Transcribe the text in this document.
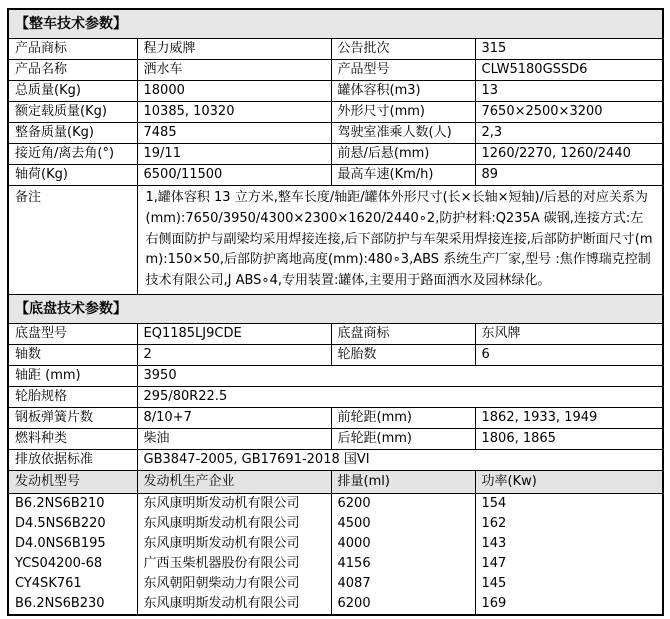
【整车技术参数】			
产品商标	程力威牌	公告批次	315
产品名称	洒水车	产品型号	CLW5180GSSD6
总质量(Kg)	18000	罐体容积(m3)	13
额定载质量(Kg)	10385, 10320	外形尺寸(mm)	7650×2500×3200
整备质量(Kg)	7485	驾驶室准乘人数(人)	2,3
接近角/离去角(°)	19/11	前悬/后悬(mm)	1260/2270, 1260/2440
轴荷(Kg)	6500/11500	最高车速(Km/h)	89
备注	1,罐体容积 13 立方米,整车长度/轴距/罐体外形尺寸(长×长轴×短轴)/后悬的对应关系为(mm):7650/3950/4300×2300×1620/2440∘2,防护材料:Q235A 碳钢,连接方式:左右侧面防护与副梁均采用焊接连接,后下部防护与车架采用焊接连接,后部防护断面尺寸(mm):150×50,后部防护离地高度(mm):480∘3,ABS 系统生产厂家,型号 :焦作博瑞克控制技术有限公司,J ABS∘4,专用装置:罐体,主要用于路面洒水及园林绿化。		
【底盘技术参数】			
底盘型号	EQ1185LJ9CDE	底盘商标	东风牌
轴数	2	轮胎数	6
轴距 (mm)	3950		
轮胎规格	295/80R22.5		
钢板弹簧片数	8/10+7	前轮距(mm)	1862, 1933, 1949
燃料种类	柴油	后轮距(mm)	1806, 1865
排放依据标准	GB3847-2005, GB17691-2018 国VI		
发动机型号	发动机生产企业	排量(ml)	功率(Kw)
B6.2NS6B210	东风康明斯发动机有限公司	6200	154
D4.5NS6B220	东风康明斯发动机有限公司	4500	162
D4.0NS6B195	东风康明斯发动机有限公司	4000	143
YCS04200-68	广西玉柴机器股份有限公司	4156	147
CY4SK761	东风朝阳朝柴动力有限公司	4087	145
B6.2NS6B230	东风康明斯发动机有限公司	6200	169
